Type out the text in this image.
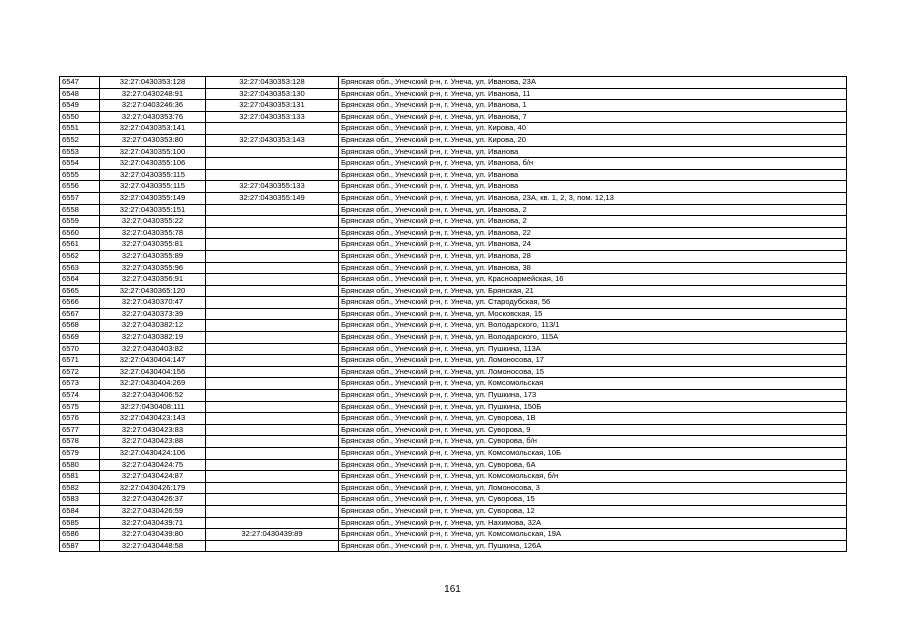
6547	32:27:0430353:128	32:27:0430353:128	Брянская обл., Унечский р-н, г. Унеча, ул. Иванова, 23А
6548	32:27:0430248:91	32:27:0430353:130	Брянская обл., Унечский р-н, г. Унеча, ул. Иванова, 11
6549	32:27:0403246:36	32:27:0430353:131	Брянская обл., Унечский р-н, г. Унеча, ул. Иванова, 1
6550	32:27:0430353:76	32:27:0430353:133	Брянская обл., Унечский р-н, г. Унеча, ул. Иванова, 7
6551	32:27:0430353:141		Брянская обл., Унечский р-н, г. Унеча, ул. Кирова, 40
6552	32:27:0430353:80	32:27:0430353:143	Брянская обл., Унечский р-н, г. Унеча, ул. Кирова, 20
6553	32:27:0430355:100		Брянская обл., Унечский р-н, г. Унеча, ул. Иванова
6554	32:27:0430355:106		Брянская обл., Унечский р-н, г. Унеча, ул. Иванова, б/н
6555	32:27:0430355:115		Брянская обл., Унечский р-н, г. Унеча, ул. Иванова
6556	32:27:0430355:115	32:27:0430355:133	Брянская обл., Унечский р-н, г. Унеча, ул. Иванова
6557	32:27:0430355:149	32:27:0430355:149	Брянская обл., Унечский р-н, г. Унеча, ул. Иванова, 23А, кв. 1, 2, 3, пом. 12,13
6558	32:27:0430355:151		Брянская обл., Унечский р-н, г. Унеча, ул. Иванова, 2
6559	32:27:0430355:22		Брянская обл., Унечский р-н, г. Унеча, ул. Иванова, 2
6560	32:27:0430355:78		Брянская обл., Унечский р-н, г. Унеча, ул. Иванова, 22
6561	32:27:0430355:81		Брянская обл., Унечский р-н, г. Унеча, ул. Иванова, 24
6562	32:27:0430355:89		Брянская обл., Унечский р-н, г. Унеча, ул. Иванова, 28
6563	32:27:0430355:96		Брянская обл., Унечский р-н, г. Унеча, ул. Иванова, 38
6564	32:27:0430356:91		Брянская обл., Унечский р-н, г. Унеча, ул. Красноармейская, 16
6565	32:27:0430365:120		Брянская обл., Унечский р-н, г. Унеча, ул. Брянская, 21
6566	32:27:0430370:47		Брянская обл., Унечский р-н, г. Унеча, ул. Стародубская, 56
6567	32:27:0430373:39		Брянская обл., Унечский р-н, г. Унеча, ул. Московская, 15
6568	32:27:0430382:12		Брянская обл., Унечский р-н, г. Унеча, ул. Володарского, 113/1
6569	32:27:0430382:19		Брянская обл., Унечский р-н, г. Унеча, ул. Володарского, 115А
6570	32:27:0430403:82		Брянская обл., Унечский р-н, г. Унеча, ул. Пушкина, 113А
6571	32:27:0430404:147		Брянская обл., Унечский р-н, г. Унеча, ул. Ломоносова, 17
6572	32:27:0430404:156		Брянская обл., Унечский р-н, г. Унеча, ул. Ломоносова, 15
6573	32:27:0430404:269		Брянская обл., Унечский р-н, г. Унеча, ул. Комсомольская
6574	32:27:0430406:52		Брянская обл., Унечский р-н, г. Унеча, ул. Пушкина, 173
6575	32:27:0430408:111		Брянская обл., Унечский р-н, г. Унеча, ул. Пушкина, 150Б
6576	32:27:0430423:143		Брянская обл., Унечский р-н, г. Унеча, ул. Суворова, 1В
6577	32:27:0430423:83		Брянская обл., Унечский р-н, г. Унеча, ул. Суворова, 9
6578	32:27:0430423:88		Брянская обл., Унечский р-н, г. Унеча, ул. Суворова, б/н
6579	32:27:0430424:106		Брянская обл., Унечский р-н, г. Унеча, ул. Комсомольская, 10Б
6580	32:27:0430424:75		Брянская обл., Унечский р-н, г. Унеча, ул. Суворова, 6А
6581	32:27:0430424:87		Брянская обл., Унечский р-н, г. Унеча, ул. Комсомольская, б/н
6582	32:27:0430426:179		Брянская обл., Унечский р-н, г. Унеча, ул. Ломоносова, 3
6583	32:27:0430426:37		Брянская обл., Унечский р-н, г. Унеча, ул. Суворова, 15
6584	32:27:0430426:59		Брянская обл., Унечский р-н, г. Унеча, ул. Суворова, 12
6585	32:27:0430439:71		Брянская обл., Унечский р-н, г. Унеча, ул. Нахимова, 32А
6586	32:27:0430439:80	32:27:0430439:89	Брянская обл., Унечский р-н, г. Унеча, ул. Комсомольская, 19А
6587	32:27:0430448:58		Брянская обл., Унечский р-н, г. Унеча, ул. Пушкина, 126А
161
